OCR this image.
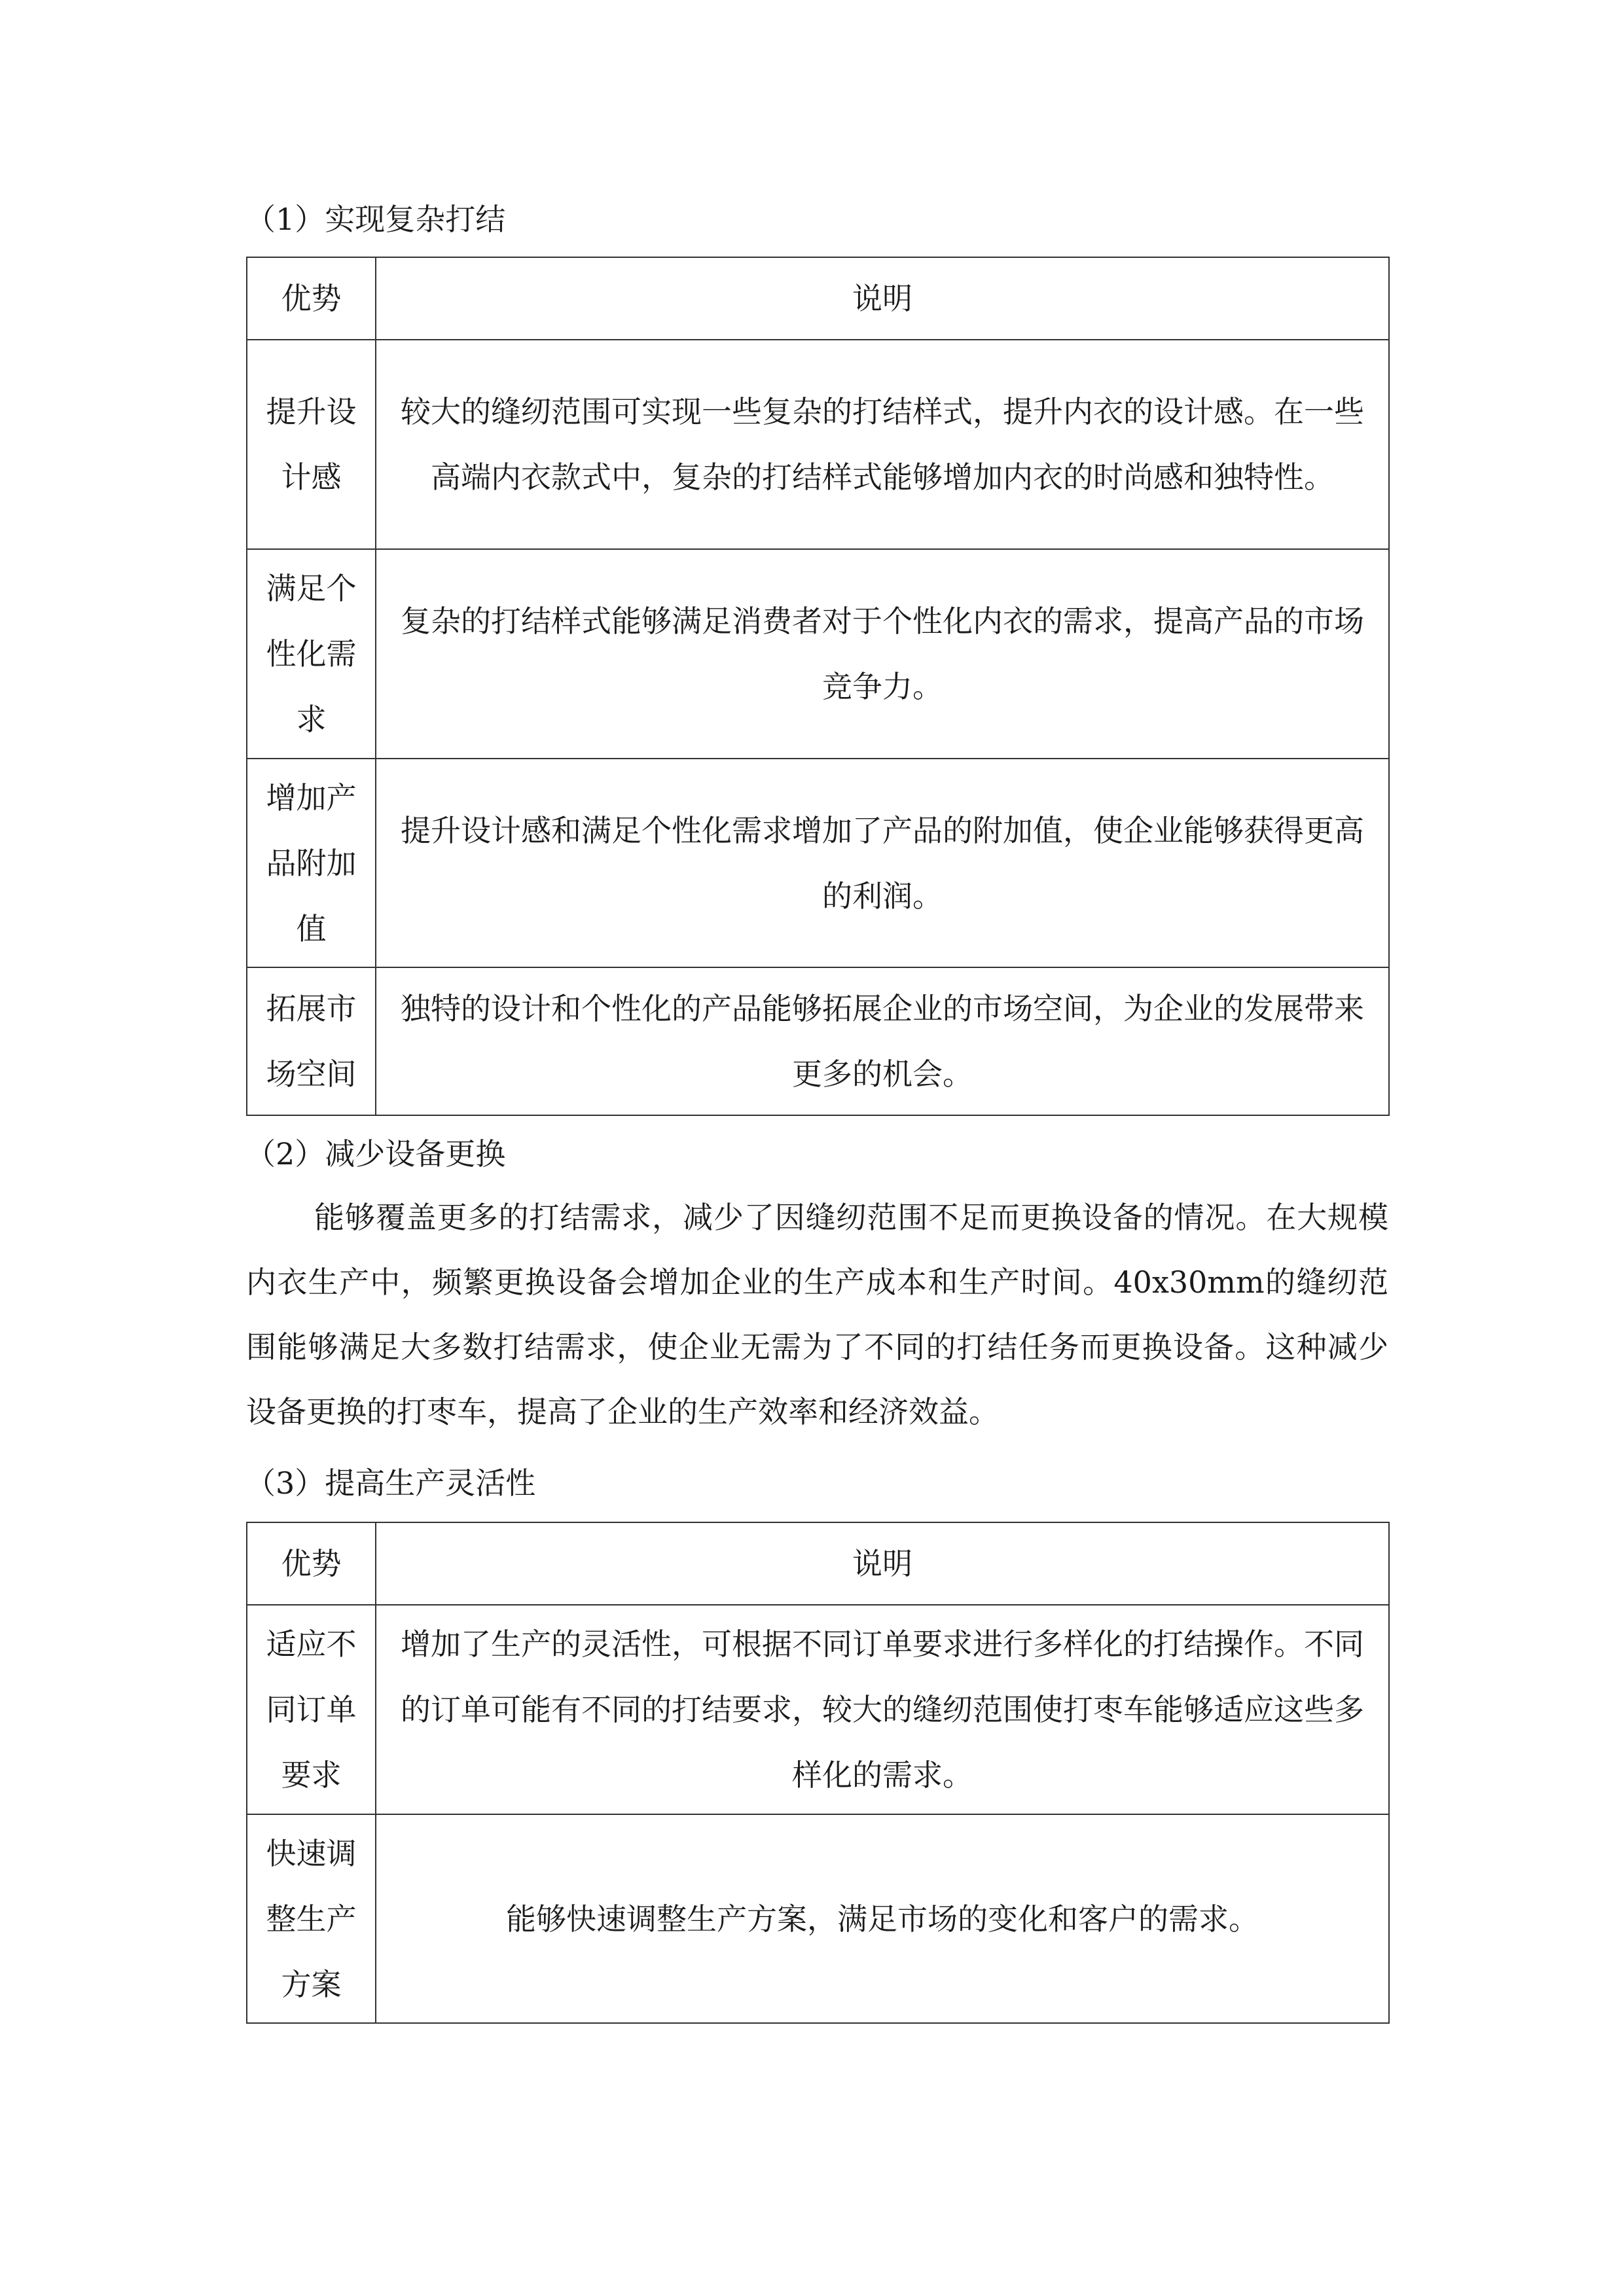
（1）实现复杂打结
优势	说明
提升设计感	较大的缝纫范围可实现一些复杂的打结样式，提升内衣的设计感。在一些高端内衣款式中，复杂的打结样式能够增加内衣的时尚感和独特性。
满足个性化需求	复杂的打结样式能够满足消费者对于个性化内衣的需求，提高产品的市场竞争力。
增加产品附加值	提升设计感和满足个性化需求增加了产品的附加值，使企业能够获得更高的利润。
拓展市场空间	独特的设计和个性化的产品能够拓展企业的市场空间，为企业的发展带来更多的机会。
（2）减少设备更换
能够覆盖更多的打结需求，减少了因缝纫范围不足而更换设备的情况。在大规模内衣生产中，频繁更换设备会增加企业的生产成本和生产时间。40x30mm的缝纫范围能够满足大多数打结需求，使企业无需为了不同的打结任务而更换设备。这种减少设备更换的打枣车，提高了企业的生产效率和经济效益。
（3）提高生产灵活性
优势	说明
适应不同订单要求	增加了生产的灵活性，可根据不同订单要求进行多样化的打结操作。不同的订单可能有不同的打结要求，较大的缝纫范围使打枣车能够适应这些多样化的需求。
快速调整生产方案	能够快速调整生产方案，满足市场的变化和客户的需求。
